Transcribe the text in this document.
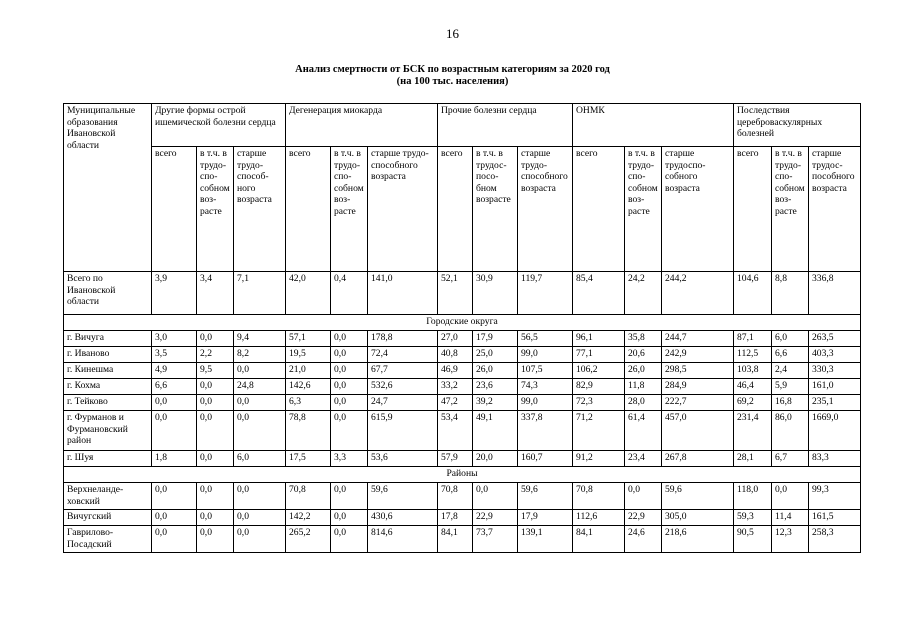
16
Анализ смертности от БСК по возрастным категориям за 2020 год
(на 100 тыс. населения)
Муниципальные образования Ивановской области	Другие формы острой ишемической болезни сердца			Дегенерация миокарда			Прочие болезни сердца			ОНМК			Последствия цереброваскулярных болезней		
	всего	в т.ч. в трудоспособном возрасте	старше трудоспособного возраста	всего	в т.ч. в трудоспособном возрасте	старше трудоспособного возраста	всего	в т.ч. в трудоспособном возрасте	старше трудоспособного возраста	всего	в т.ч. в трудоспособном возрасте	старше трудоспособного возраста	всего	в т.ч. в трудоспособном возрасте	старше трудоспособного возраста
Всего по Ивановской области	3,9	3,4	7,1	42,0	0,4	141,0	52,1	30,9	119,7	85,4	24,2	244,2	104,6	8,8	336,8
Городские округа															
г. Вичуга	3,0	0,0	9,4	57,1	0,0	178,8	27,0	17,9	56,5	96,1	35,8	244,7	87,1	6,0	263,5
г. Иваново	3,5	2,2	8,2	19,5	0,0	72,4	40,8	25,0	99,0	77,1	20,6	242,9	112,5	6,6	403,3
г. Кинешма	4,9	9,5	0,0	21,0	0,0	67,7	46,9	26,0	107,5	106,2	26,0	298,5	103,8	2,4	330,3
г. Кохма	6,6	0,0	24,8	142,6	0,0	532,6	33,2	23,6	74,3	82,9	11,8	284,9	46,4	5,9	161,0
г. Тейково	0,0	0,0	0,0	6,3	0,0	24,7	47,2	39,2	99,0	72,3	28,0	222,7	69,2	16,8	235,1
г. Фурманов и Фурмановский район	0,0	0,0	0,0	78,8	0,0	615,9	53,4	49,1	337,8	71,2	61,4	457,0	231,4	86,0	1669,0
г. Шуя	1,8	0,0	6,0	17,5	3,3	53,6	57,9	20,0	160,7	91,2	23,4	267,8	28,1	6,7	83,3
Районы															
Верхнеландеховский	0,0	0,0	0,0	70,8	0,0	59,6	70,8	0,0	59,6	70,8	0,0	59,6	118,0	0,0	99,3
Вичугский	0,0	0,0	0,0	142,2	0,0	430,6	17,8	22,9	17,9	112,6	22,9	305,0	59,3	11,4	161,5
Гаврилово-Посадский	0,0	0,0	0,0	265,2	0,0	814,6	84,1	73,7	139,1	84,1	24,6	218,6	90,5	12,3	258,3
